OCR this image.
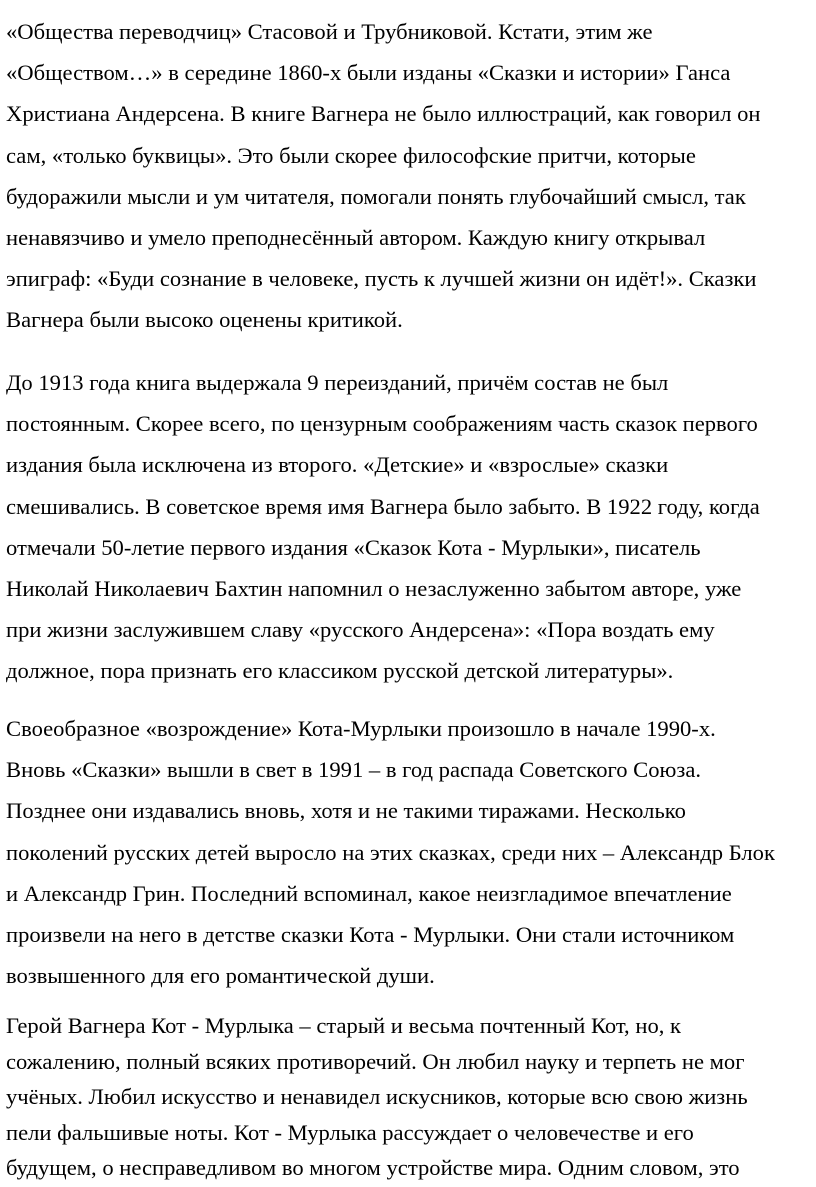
«Общества переводчиц» Стасовой и Трубниковой. Кстати, этим же
«Обществом…» в середине 1860-х были изданы «Сказки и истории» Ганса
Христиана Андерсена. В книге Вагнера не было иллюстраций, как говорил он
сам, «только буквицы». Это были скорее философские притчи, которые
будоражили мысли и ум читателя, помогали понять глубочайший смысл, так
ненавязчиво и умело преподнесённый автором. Каждую книгу открывал
эпиграф: «Буди сознание в человеке, пусть к лучшей жизни он идёт!». Сказки
Вагнера были высоко оценены критикой.
До 1913 года книга выдержала 9 переизданий, причём состав не был
постоянным. Скорее всего, по цензурным соображениям часть сказок первого
издания была исключена из второго. «Детские» и «взрослые» сказки
смешивались. В советское время имя Вагнера было забыто. В 1922 году, когда
отмечали 50-летие первого издания «Сказок Кота - Мурлыки», писатель
Николай Николаевич Бахтин напомнил о незаслуженно забытом авторе, уже
при жизни заслужившем славу «русского Андерсена»: «Пора воздать ему
должное, пора признать его классиком русской детской литературы».
Своеобразное «возрождение» Кота-Мурлыки произошло в начале 1990-х.
Вновь «Сказки» вышли в свет в 1991 – в год распада Советского Союза.
Позднее они издавались вновь, хотя и не такими тиражами. Несколько
поколений русских детей выросло на этих сказках, среди них – Александр Блок
и Александр Грин. Последний вспоминал, какое неизгладимое впечатление
произвели на него в детстве сказки Кота - Мурлыки. Они стали источником
возвышенного для его романтической души.
Герой Вагнера Кот - Мурлыка – старый и весьма почтенный Кот, но, к
сожалению, полный всяких противоречий. Он любил науку и терпеть не мог
учёных. Любил искусство и ненавидел искусников, которые всю свою жизнь
пели фальшивые ноты. Кот - Мурлыка рассуждает о человечестве и его
будущем, о несправедливом во многом устройстве мира. Одним словом, это
